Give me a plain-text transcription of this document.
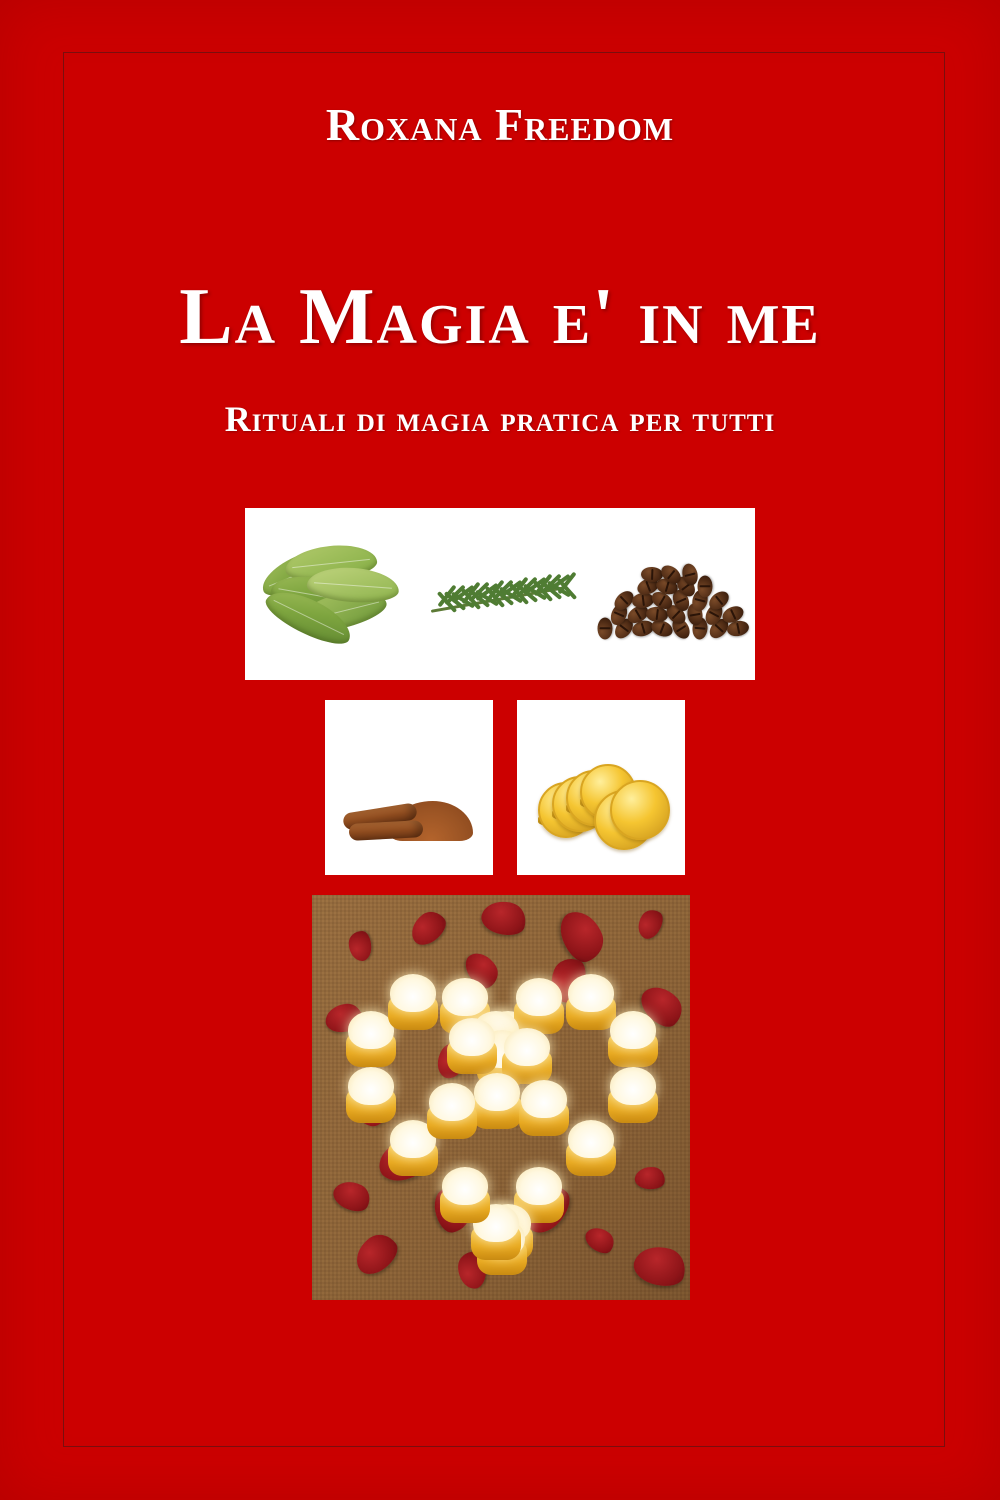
Roxana Freedom
La Magia e' in me
Rituali di magia pratica per tutti
